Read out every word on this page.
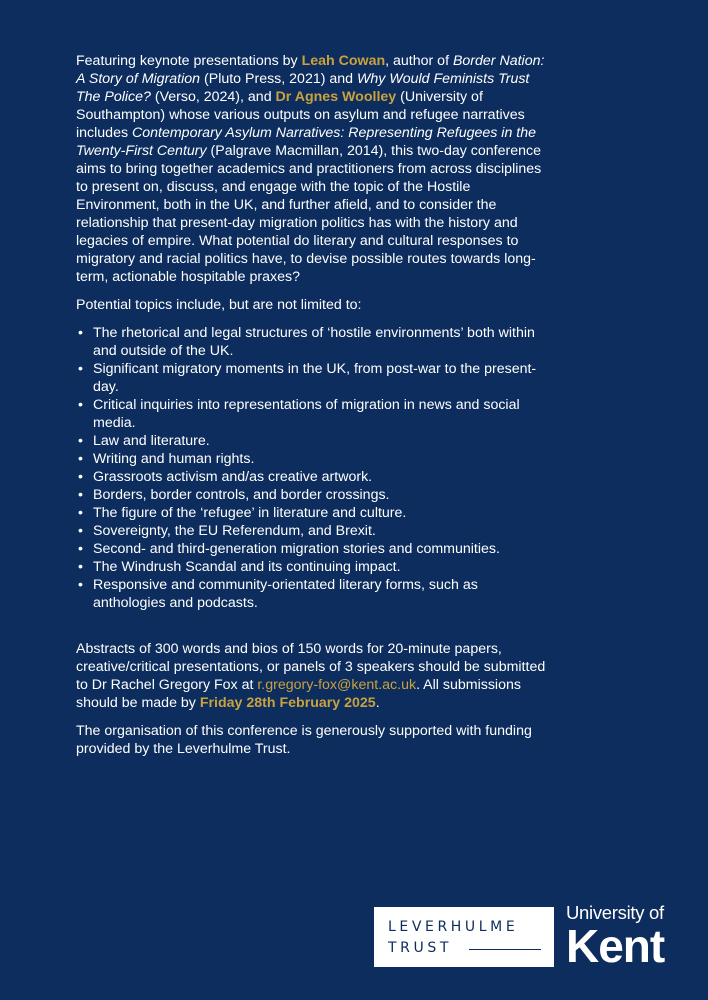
Featuring keynote presentations by Leah Cowan, author of Border Nation: A Story of Migration (Pluto Press, 2021) and Why Would Feminists Trust The Police? (Verso, 2024), and Dr Agnes Woolley (University of Southampton) whose various outputs on asylum and refugee narratives includes Contemporary Asylum Narratives: Representing Refugees in the Twenty-First Century (Palgrave Macmillan, 2014), this two-day conference aims to bring together academics and practitioners from across disciplines to present on, discuss, and engage with the topic of the Hostile Environment, both in the UK, and further afield, and to consider the relationship that present-day migration politics has with the history and legacies of empire. What potential do literary and cultural responses to migratory and racial politics have, to devise possible routes towards long-term, actionable hospitable praxes?

Potential topics include, but are not limited to:

• The rhetorical and legal structures of ‘hostile environments’ both within and outside of the UK.
• Significant migratory moments in the UK, from post-war to the present-day.
• Critical inquiries into representations of migration in news and social media.
• Law and literature.
• Writing and human rights.
• Grassroots activism and/as creative artwork.
• Borders, border controls, and border crossings.
• The figure of the ‘refugee’ in literature and culture.
• Sovereignty, the EU Referendum, and Brexit.
• Second- and third-generation migration stories and communities.
• The Windrush Scandal and its continuing impact.
• Responsive and community-orientated literary forms, such as anthologies and podcasts.

Abstracts of 300 words and bios of 150 words for 20-minute papers, creative/critical presentations, or panels of 3 speakers should be submitted to Dr Rachel Gregory Fox at r.gregory-fox@kent.ac.uk. All submissions should be made by Friday 28th February 2025.

The organisation of this conference is generously supported with funding provided by the Leverhulme Trust.

LEVERHULME
TRUST
University of
Kent
